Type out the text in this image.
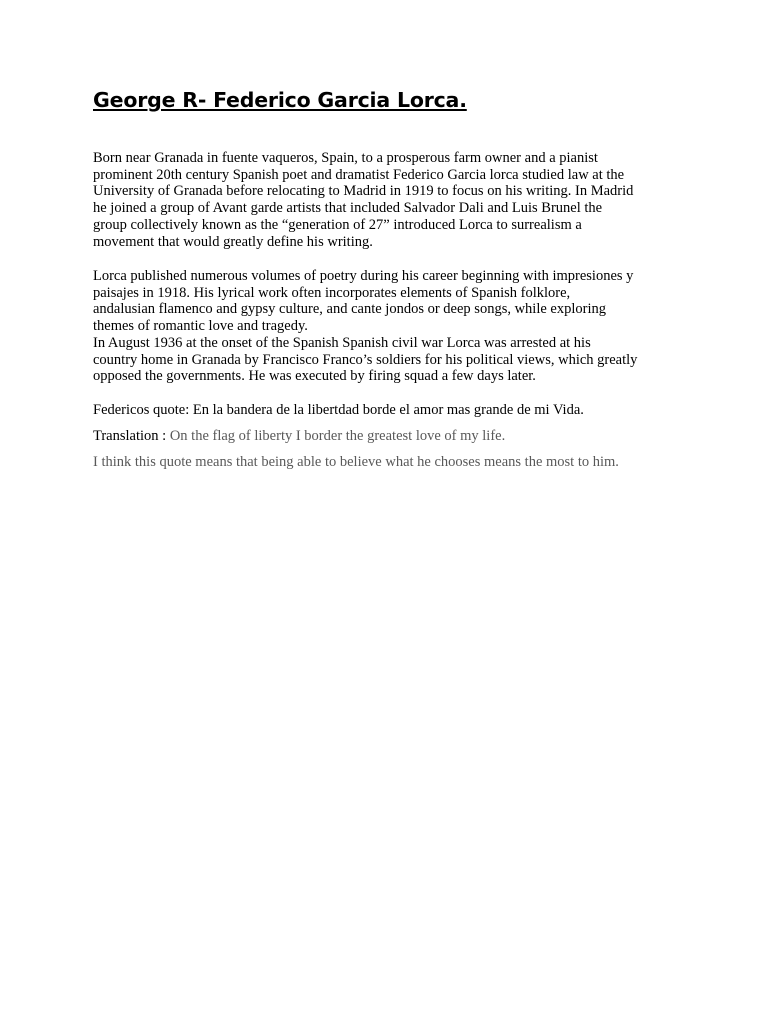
George R- Federico Garcia Lorca.

Born near Granada in fuente vaqueros, Spain, to a prosperous farm owner and a pianist
prominent 20th century Spanish poet and dramatist Federico Garcia lorca studied law at the
University of Granada before relocating to Madrid in 1919 to focus on his writing. In Madrid
he joined a group of Avant garde artists that included Salvador Dali and Luis Brunel the
group collectively known as the “generation of 27” introduced Lorca to surrealism a
movement that would greatly define his writing.

Lorca published numerous volumes of poetry during his career beginning with impresiones y
paisajes in 1918. His lyrical work often incorporates elements of Spanish folklore,
andalusian flamenco and gypsy culture, and cante jondos or deep songs, while exploring
themes of romantic love and tragedy.

In August 1936 at the onset of the Spanish Spanish civil war Lorca was arrested at his
country home in Granada by Francisco Franco’s soldiers for his political views, which greatly
opposed the governments. He was executed by firing squad a few days later.

Federicos quote: En la bandera de la libertdad borde el amor mas grande de mi Vida.

Translation : On the flag of liberty I border the greatest love of my life.

I think this quote means that being able to believe what he chooses means the most to him.
